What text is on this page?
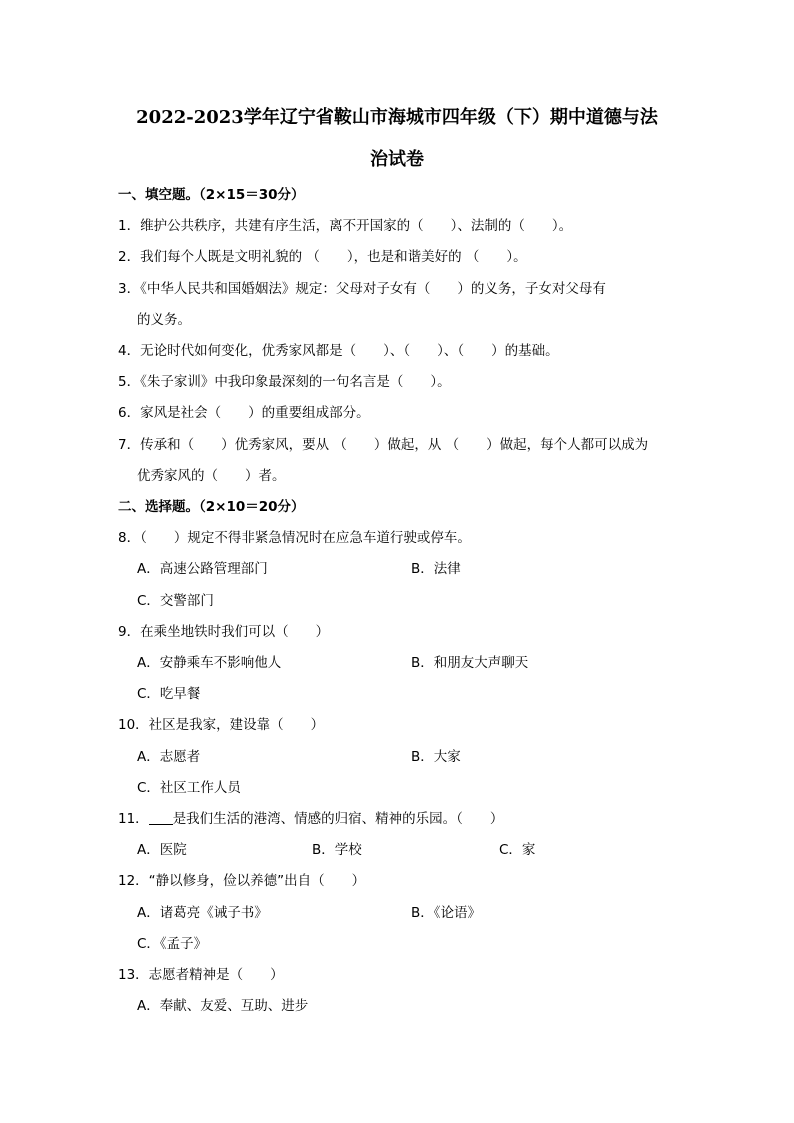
2022-2023学年辽宁省鞍山市海城市四年级（下）期中道德与法
治试卷
一、填空题。（2×15＝30分）
1．维护公共秩序，共建有序生活，离不开国家的（　　）、法制的（　　）。
2．我们每个人既是文明礼貌的 （　　），也是和谐美好的 （　　）。
3．《中华人民共和国婚姻法》规定：父母对子女有（　　）的义务，子女对父母有
的义务。
4．无论时代如何变化，优秀家风都是（　　）、（　　）、（　　）的基础。
5．《朱子家训》中我印象最深刻的一句名言是（　　）。
6．家风是社会（　　）的重要组成部分。
7．传承和（　　）优秀家风，要从 （　　）做起，从 （　　）做起，每个人都可以成为
优秀家风的（　　）者。
二、选择题。（2×10＝20分）
8．（　　）规定不得非紧急情况时在应急车道行驶或停车。
A．高速公路管理部门	B．法律
C．交警部门
9．在乘坐地铁时我们可以（　　）
A．安静乘车不影响他人	B．和朋友大声聊天
C．吃早餐
10．社区是我家，建设靠（　　）
A．志愿者	B．大家
C．社区工作人员
11． 是我们生活的港湾、情感的归宿、精神的乐园。（　　）
A．医院	B．学校	C．家
12．“静以修身，俭以养德”出自（　　）
A．诸葛亮《诫子书》	B．《论语》
C．《孟子》
13．志愿者精神是（　　）
A．奉献、友爱、互助、进步
